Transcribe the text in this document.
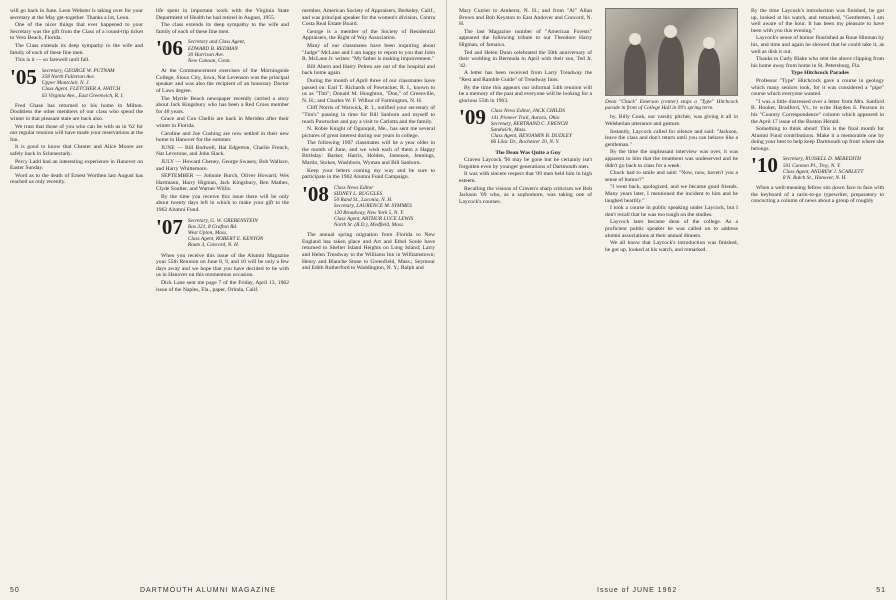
will go back in June. Leon Webster is taking over for your secretary at the May get-together. Thanks a lot, Leon.

One of the nicer things that ever happened to your Secretary was the gift from the Class of a round-trip ticket to Vero Beach, Florida.

The Class extends its deep sympathy to the wife and family of each of these fine men.

This is it — so farewell until fall.

'05 Secretary, GEORGE W. PUTNAM
358 North Fullerton Ave.
Upper Montclair, N. J.
Class Agent, FLETCHER A. HATCH
63 Virginia Ave., East Greenwich, R. I.

Fred Chase has returned to his home in Milton. Doubtless the other members of our class who spend the winter in that pleasant state are back also.

We trust that those of you who can be with us in '62 for our regular reunion will have made your reservations at the Inn.

It is good to know that Chester and Alice Moore are safely back in Schenectady.

Percy Ladd had an interesting experience in Hanover on Easter Sunday.

Word as to the death of Ernest Worthen last August has reached us only recently.

life spent in important work with the Virginia State Department of Health he had retired in August, 1955.

The class extends its deep sympathy to the wife and family of each of these fine men.

'06 Secretary and Class Agent,
EDWARD B. REDMAN
30 Harrison Ave.
New Canaan, Conn.

At the Commencement exercises of the Morningside College, Sioux City, Iowa, Nat Levenson was the principal speaker and was also the recipient of an honorary Doctor of Laws degree.

The Myrtle Beach newspaper recently carried a story about Jack Kingsbury who has been a Red Cross member for 48 years.

Grace and Con Chellis are back in Meriden after their winter in Florida.

Caroline and Joe Cushing are now settled in their new home in Hanover for the summer.

JUNE — Bill Bodwell, Hal Edgerton, Charlie French, Nat Leverone, and John Slack.

JULY — Howard Cheney, George Swasey, Bob Wallace, and Harry Whittemore.

SEPTEMBER — Johnnie Burch, Oliver Howard, Wes Hartmann, Harry Higman, Jack Kingsbury, Ben Mathes, Clyde Soulter, and Warner Willis.

By the time you receive this issue there will be only about twenty days left in which to make your gift to the 1962 Alumni Fund.

'07 Secretary, G. W. GREBENSTEIN
Box 321, 8 Grafton Rd.
West Upton, Mass.
Class Agent, ROBERT E. KENYON
Route 3, Concord, N. H.

When you receive this issue of the Alumni Magazine your 55th Reunion on June 8, 9, and 10 will be only a few days away and we hope that you have decided to be with us in Hanover on this momentous occasion.

Dick Lane sent me page 7 of the Friday, April 13, 1962 issue of the Naples, Fla., paper, Orinda, Calif.

member, American Society of Appraisers, Berkeley, Calif., and was principal speaker for the women's division, Contra Costa Real Estate Board.

George is a member of the Society of Residential Appraisers, the Right of Way Association.

Many of our classmates have been inquiring about "Judge" McLane and I am happy to report to you that John R. McLane Jr. writes: "My father is making improvement."

Bill Ahern and Harry Pelren are out of the hospital and back home again.

During the month of April three of our classmates have passed on: Earl T. Richards of Pawtucket, R. I., known to us as "Tim"; Donald M. Houghton, "Don," of Greenville, N. H.; and Charles W. F. Wilbur of Farmington, N. H.

Cliff Norris of Warwick, R. I., notified your secretary of "Tim's" passing in time for Bill Sanborn and myself to reach Pawtucket and pay a visit to Carlotta and the family.

N. Robie Knight of Ogunquit, Me., has sent me several pictures of great interest during our years in college.

The following 1907 classmates will be a year older in the month of June, and we wish each of them a Happy Birthday: Barker, Harris, Holden, Jameson, Jennings, Martin, Stokes, Washburn, Wyman and Bill Sanborn.

Keep your letters coming my way and be sure to participate in the 1962 Alumni Fund Campaign.

'08 Class News Editor
SIDNEY L. RUGGLES
50 Rand St., Laconia, N. H.
Secretary, LAURENCE M. SYMMES
120 Broadway, New York 5, N. Y.
Class Agent, ARTHUR LUCE LEWIS
North St. (R.D.), Medfield, Mass.

The annual spring migration from Florida to New England has taken place and Art and Ethel Soule have returned to Shelter Island Heights on Long Island; Larry and Helen Treadway to the Williams Inn in Williamstown; Henry and Blanche Stone to Greenfield, Mass.; Seymour and Edith Rutherford to Waddington, N. Y.; Ralph and

50	DARTMOUTH ALUMNI MAGAZINE

Mary Currier to Amherst, N. H.; and from "Al" Allan Brown and Bob Keyston to East Andover and Concord, N. H.

The last Magazine number of "American Forests" appeared the following tribute to our Theodore Harry Higman, of Jamaica.

Ted and Helen Dunn celebrated the 50th anniversary of their wedding in Bermuda in April with their son, Ted Jr. '42.

A letter has been received from Larry Treadway the "Rest and Ramble Guide" of Treadway Inns.

By the time this appears our informal 54th reunion will be a memory of the past and everyone will be looking for a glorious 55th in 1963.

'09 Class News Editor, JACK CHILDS
141 Pioneer Trail, Aurora, Ohio
Secretary, BERTRAND C. FRENCH
Sandwich, Mass.
Class Agent, BENJAMIN B. DUDLEY
66 Lilac Dr., Rochester 20, N. Y.

The Dean Was Quite a Guy

Craven Laycock '96 may be gone but he certainly isn't forgotten even by younger generations of Dartmouth men.

It was with sincere respect that '09 men held him in high esteem.

Recalling the visions of Craven's sharp criticism we Bob Jackson '09 who, as a sophomore, was taking one of Laycock's courses.

Dean "Chuck" Emerson (center) stops a "Type" Hitchcock parade in front of College Hall in 09's spring term.

by, Billy Cook, our varsity pitcher, was giving it all in Welsherian utterance and gesture.

Instantly, Laycock called for silence and said: "Jackson, leave the class and don't return until you can behave like a gentleman."

By the time the unpleasant interview was over, it was apparent to him that the treatment was undeserved and he didn't go back to class for a week.

Chuck had to smile and said: "Now, now, haven't you a sense of humor?"

"I went back, apologized, and we became good friends. Many years later, I mentioned the incident to him and he laughed heartily."

I took a course in public speaking under Laycock, but I don't recall that he was too tough on the studies.

Laycock later became dean of the college. As a proficient public speaker he was called on to address alumni associations at their annual dinners.

We all know that Laycock's introduction was finished, he got up, looked at his watch, and remarked.

By the time Laycock's introduction was finished, he got up, looked at his watch, and remarked, "Gentlemen, I am well aware of the hour. It has been my pleasure to have been with you this evening."

Laycock's sense of humor flourished as Roue Hinman by his, and time and again he showed that he could take it, as well as dish it out.

Thanks to Curly Blake who sent the above clipping from his home away from home in St. Petersburg, Fla.

Type Hitchcock Parades

Professor "Type" Hitchcock gave a course in geology which many seniors took, for it was considered a "pipe" course which everyone wanted.

"I was a little distressed over a letter from Mrs. Sanford B. Hooker, Bradford, Vt., to write Hayden S. Pearson in his "Country Correspondence" column which appeared in the April 17 issue of the Boston Herald.

Something to think about! This is the final month for Alumni Fund contributions. Make it a memorable one by doing your best to help keep Dartmouth up front where she belongs.

'10 Secretary, RUSSELL D. MEREDITH
501 Cannon Pl., Troy, N. Y.
Class Agent, ANDREW J. SCARLETT
8 N. Balch St., Hanover, N. H.

When a well-meaning fellow sits down face to face with the keyboard of a rarin-to-go typewriter, preparatory to concocting a column of news about a group of roughly

Issue of JUNE 1962	51
